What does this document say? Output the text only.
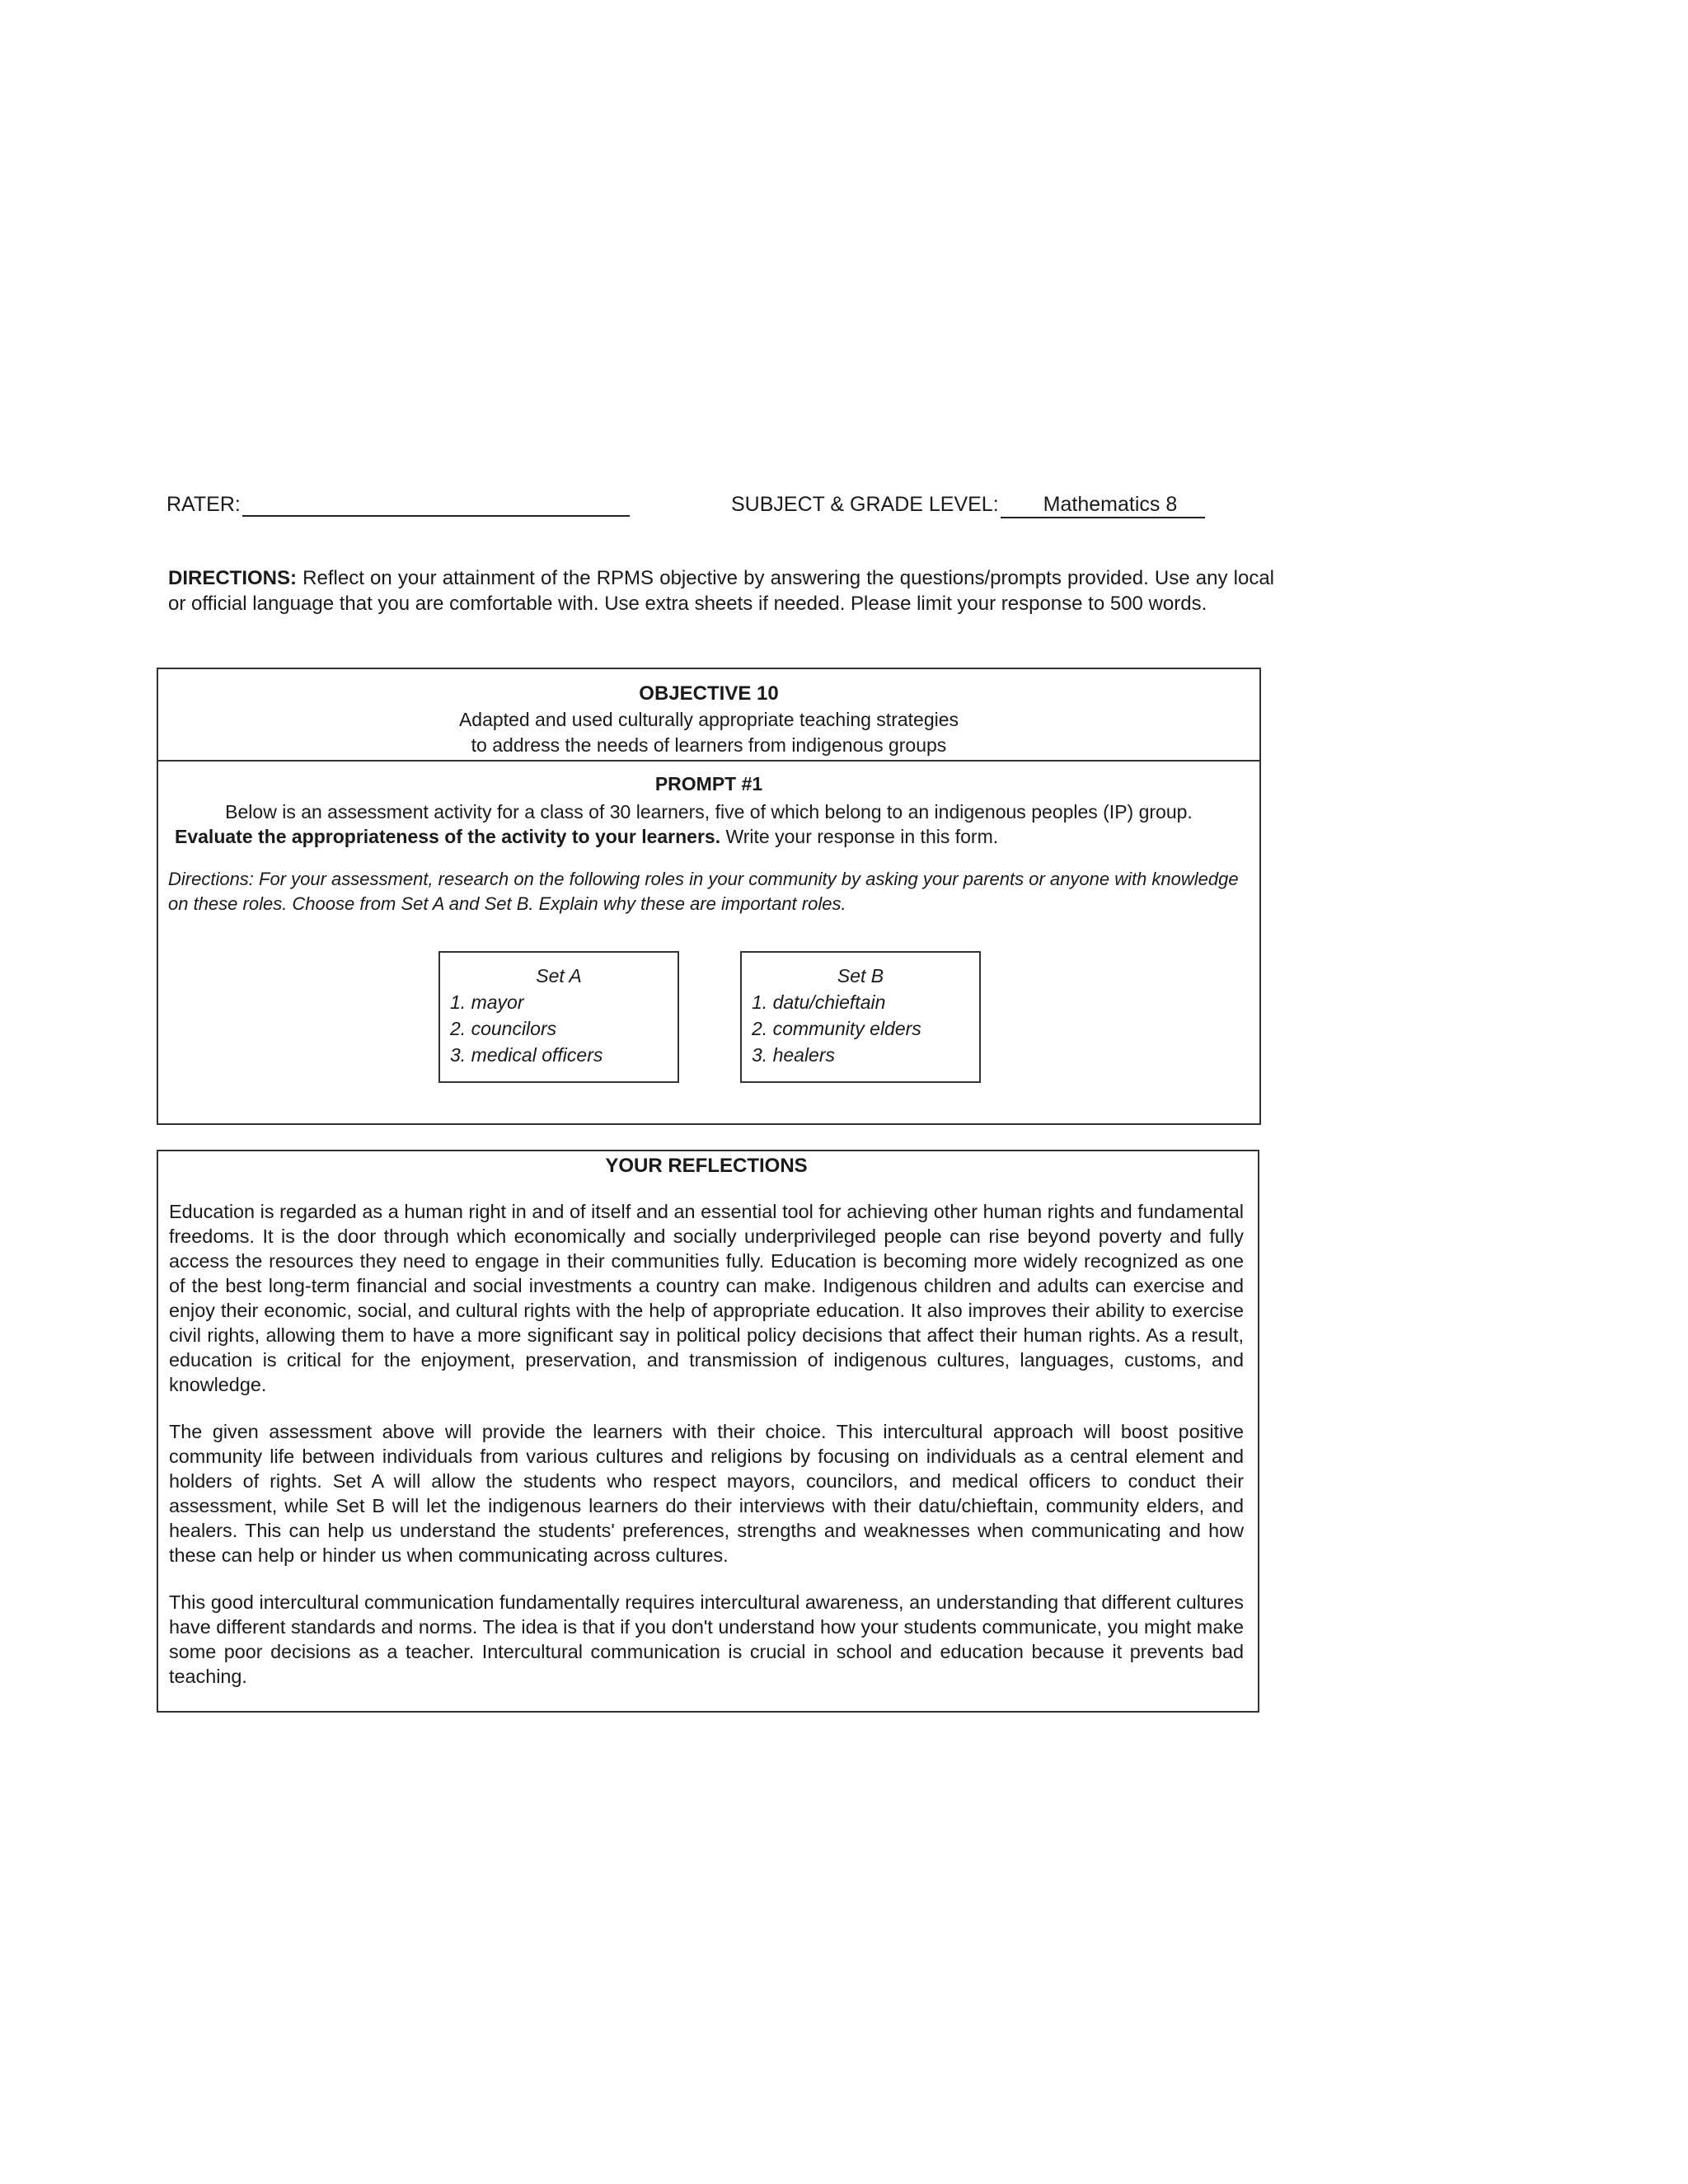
RATER:	SUBJECT & GRADE LEVEL: Mathematics 8
DIRECTIONS: Reflect on your attainment of the RPMS objective by answering the questions/prompts provided. Use any local or official language that you are comfortable with. Use extra sheets if needed. Please limit your response to 500 words.
OBJECTIVE 10
Adapted and used culturally appropriate teaching strategies
to address the needs of learners from indigenous groups
PROMPT #1
Below is an assessment activity for a class of 30 learners, five of which belong to an indigenous peoples (IP) group.
Evaluate the appropriateness of the activity to your learners. Write your response in this form.
Directions: For your assessment, research on the following roles in your community by asking your parents or anyone with knowledge on these roles. Choose from Set A and Set B. Explain why these are important roles.
Set A
1. mayor
2. councilors
3. medical officers
Set B
1. datu/chieftain
2. community elders
3. healers
YOUR REFLECTIONS

Education is regarded as a human right in and of itself and an essential tool for achieving other human rights and fundamental freedoms. It is the door through which economically and socially underprivileged people can rise beyond poverty and fully access the resources they need to engage in their communities fully. Education is becoming more widely recognized as one of the best long-term financial and social investments a country can make. Indigenous children and adults can exercise and enjoy their economic, social, and cultural rights with the help of appropriate education. It also improves their ability to exercise civil rights, allowing them to have a more significant say in political policy decisions that affect their human rights. As a result, education is critical for the enjoyment, preservation, and transmission of indigenous cultures, languages, customs, and knowledge.

The given assessment above will provide the learners with their choice. This intercultural approach will boost positive community life between individuals from various cultures and religions by focusing on individuals as a central element and holders of rights. Set A will allow the students who respect mayors, councilors, and medical officers to conduct their assessment, while Set B will let the indigenous learners do their interviews with their datu/chieftain, community elders, and healers. This can help us understand the students' preferences, strengths and weaknesses when communicating and how these can help or hinder us when communicating across cultures.

This good intercultural communication fundamentally requires intercultural awareness, an understanding that different cultures have different standards and norms. The idea is that if you don't understand how your students communicate, you might make some poor decisions as a teacher. Intercultural communication is crucial in school and education because it prevents bad teaching.
